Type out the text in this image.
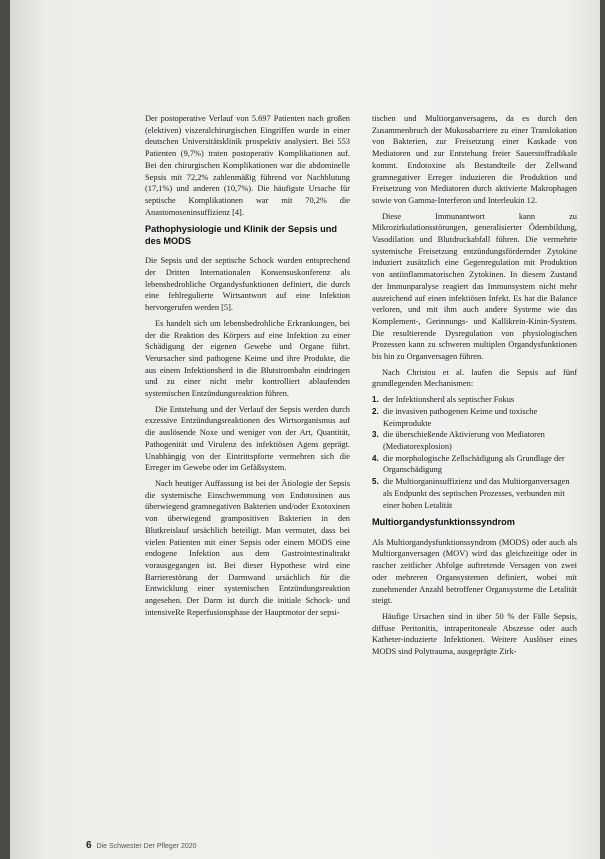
Der postoperative Verlauf von 5.697 Patienten nach großen (elektiven) viszeralchirurgischen Eingriffen wurde in einer deutschen Universitätsklinik prospektiv analysiert. Bei 553 Patienten (9,7%) traten postoperativ Komplikationen auf. Bei den chirurgischen Komplikationen war die abdominelle Sepsis mit 72,2% zahlenmäßig führend vor Nachblutung (17,1%) und anderen (10,7%). Die häufigste Ursache für septische Komplikationen war mit 70,2% die Anastomoseninsuffizienz [4].

Pathophysiologie und Klinik der Sepsis und des MODS

Die Sepsis und der septische Schock wurden entsprechend der Dritten Internationalen Konsensuskonferenz als lebensbedrohliche Organdysfunktionen definiert, die durch eine fehlregulierte Wirtsantwort auf eine Infektion hervorgerufen werden [5].

Es handelt sich um lebensbedrohliche Erkrankungen, bei der die Reaktion des Körpers auf eine Infektion zu einer Schädigung der eigenen Gewebe und Organe führt. Verursacher sind pathogene Keime und ihre Produkte, die aus einem Infektionsherd in die Blutstrombahn eindringen und zu einer nicht mehr kontrolliert ablaufenden systemischen Entzündungsreaktion führen.

Die Entstehung und der Verlauf der Sepsis werden durch exzessive Entzündungsreaktionen des Wirtsorganismus auf die auslösende Noxe und weniger von der Art, Quantität, Pathogenität und Virulenz des infektiösen Agens geprägt. Unabhängig von der Eintrittspforte vermehren sich die Erreger im Gewebe oder im Gefäßsystem.

Nach heutiger Auffassung ist bei der Ätiologie der Sepsis die systemische Einschwemmung von Endotoxinen aus überwiegend gramnegativen Bakterien und/oder Exotoxinen von überwiegend grampositiven Bakterien in den Blutkreislauf ursächlich beteiligt. Man vermutet, dass bei vielen Patienten mit einer Sepsis oder einem MODS eine endogene Infektion aus dem Gastrointestinaltrakt vorausgegangen ist. Bei dieser Hypothese wird eine Barrierestörung der Darmwand ursächlich für die Entwicklung einer systemischen Entzündungsreaktion angesehen. Der Darm ist durch die initiale Schock- und intensiveRe Reperfusionsphase der Hauptmotor der sepsi-

tischen und Multiorganversagens, da es durch den Zusammenbruch der Mukosabarriere zu einer Translokation von Bakterien, zur Freisetzung einer Kaskade von Mediatoren und zur Entstehung freier Sauerstoffradikale kommt. Endotoxine als Bestandteile der Zellwand gramnegativer Erreger induzieren die Produktion und Freisetzung von Mediatoren durch aktivierte Makrophagen sowie von Gamma-Interferon und Interleukin 12.

Diese Immunantwort kann zu Mikrozirkulationsstörungen, generalisierter Ödembildung, Vasodilation und Blutdruckabfall führen. Die vermehrte systemische Freisetzung entzündungsfördernder Zytokine induziert zusätzlich eine Gegenregulation mit Produktion von antiinflammatorischen Zytokinen. In diesem Zustand der Immunparalyse reagiert das Immunsystem nicht mehr ausreichend auf einen infektiösen Infekt. Es hat die Balance verloren, und mit ihm auch andere Systeme wie das Komplement-, Gerinnungs- und Kallikrein-Kinin-System. Die resultierende Dysregulation von physiologischen Prozessen kann zu schweren multiplen Organdysfunktionen bis hin zu Organversagen führen.

Nach Christou et al. laufen die Sepsis auf fünf grundlegenden Mechanismen:

1. der Infektionsherd als septischer Fokus
2. die invasiven pathogenen Keime und toxische Keimprodukte
3. die überschießende Aktivierung von Mediatoren (Mediatorexplosion)
4. die morphologische Zellschädigung als Grundlage der Organschädigung
5. die Multiorganinsuffizienz und das Multiorganversagen als Endpunkt des septischen Prozesses, verbunden mit einer hohen Letalität
Multiorgandysfunktionssyndrom

Als Multiorgandysfunktionssyndrom (MODS) oder auch als Multiorganversagen (MOV) wird das gleichzeitige oder in rascher zeitlicher Abfolge auftretende Versagen von zwei oder mehreren Organsystemen definiert, wobei mit zunehmender Anzahl betroffener Organsysteme die Letalität steigt.

Häufige Ursachen sind in über 50 % der Fälle Sepsis, diffuse Peritonitis, intraperitoneale Abszesse oder auch Katheter-induzierte Infektionen. Weitere Auslöser eines MODS sind Polytrauma, ausgeprägte Zirk-

6 Die Schwester Der Pfleger 2020
